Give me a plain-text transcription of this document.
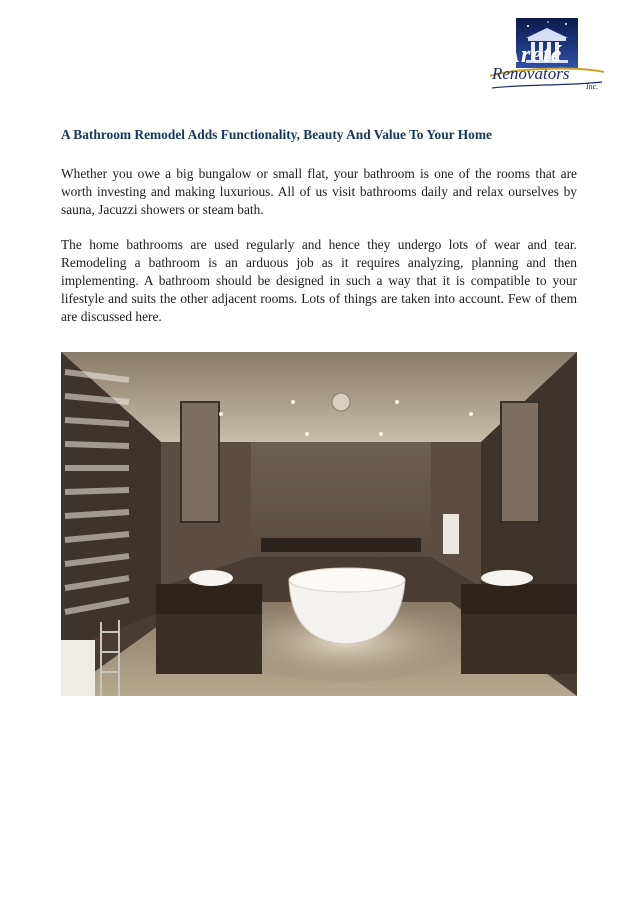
Areté
Renovators
Inc.
A Bathroom Remodel Adds Functionality, Beauty And Value To Your Home

Whether you owe a big bungalow or small flat, your bathroom is one of the rooms that are worth investing and making luxurious. All of us visit bathrooms daily and relax ourselves by sauna, Jacuzzi showers or steam bath.

The home bathrooms are used regularly and hence they undergo lots of wear and tear. Remodeling a bathroom is an arduous job as it requires analyzing, planning and then implementing. A bathroom should be designed in such a way that it is compatible to your lifestyle and suits the other adjacent rooms. Lots of things are taken into account. Few of them are discussed here.
